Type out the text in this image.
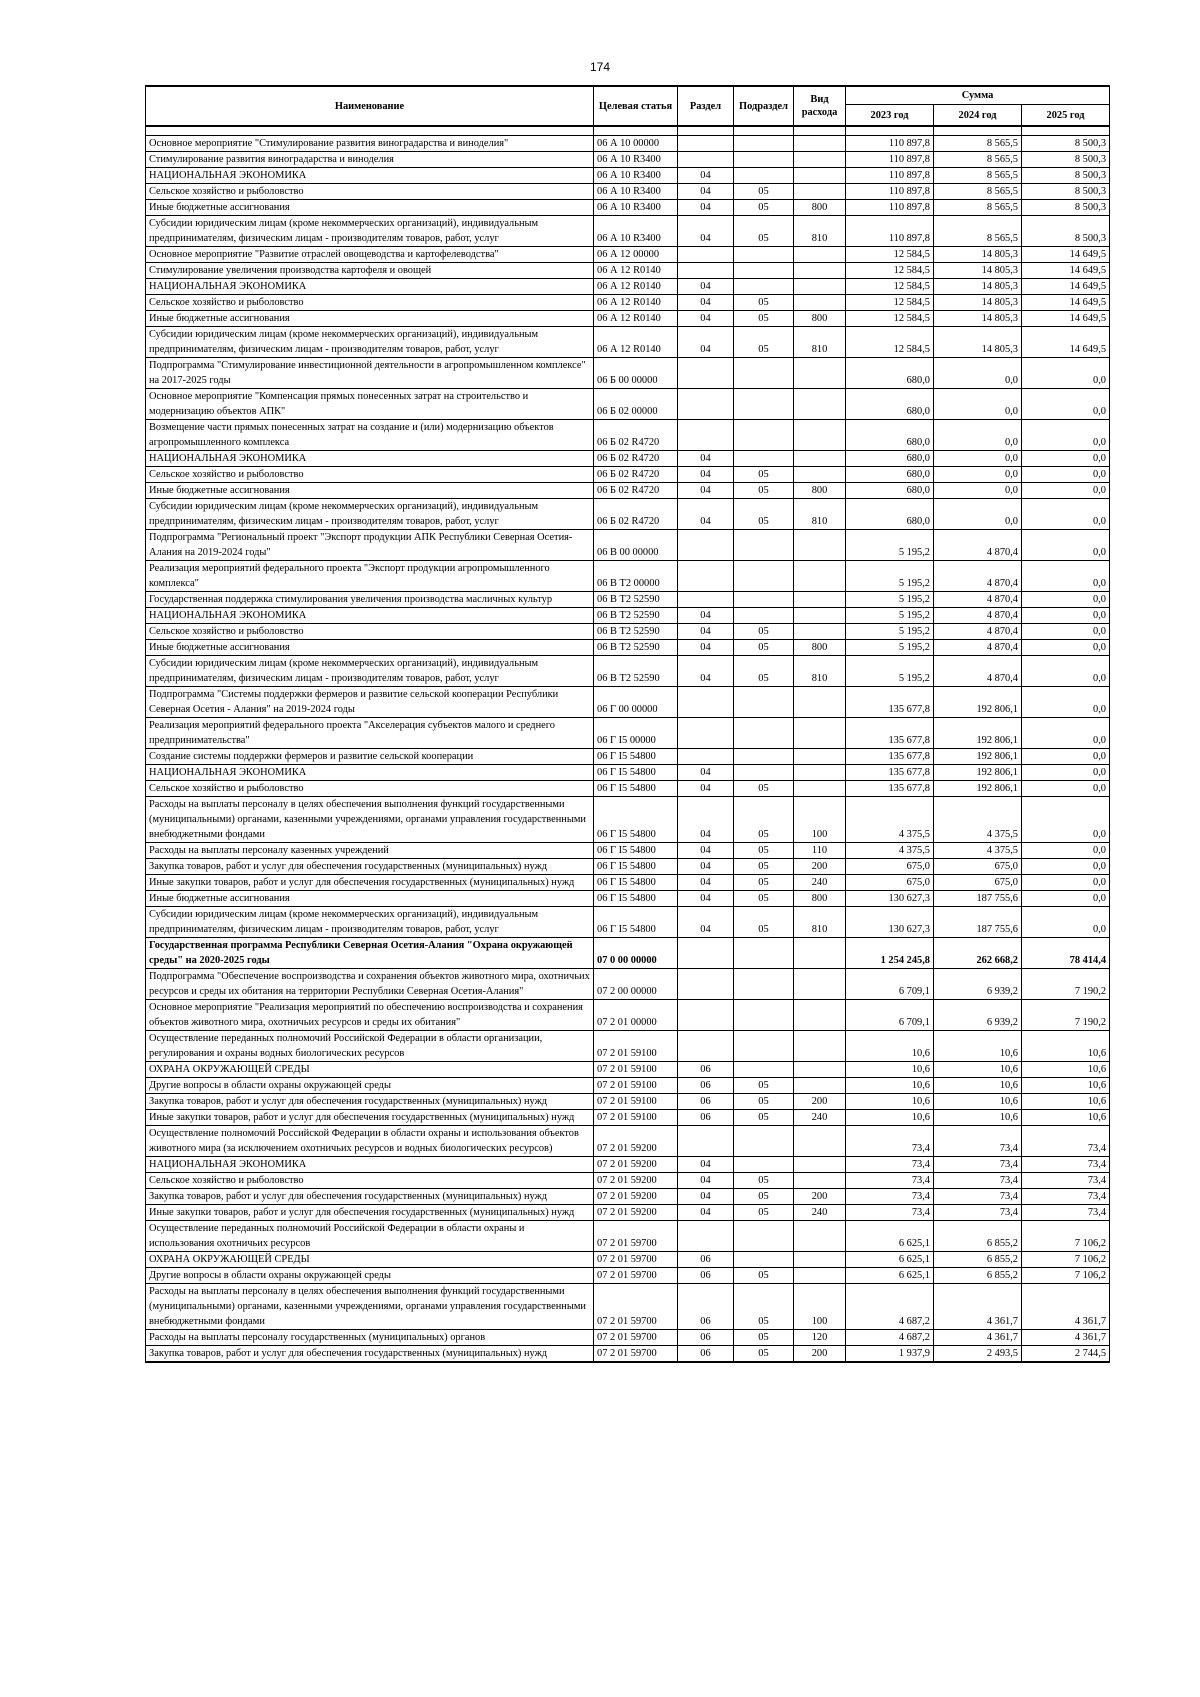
174
Наименование	Целевая статья	Раздел	Подраздел	Вид расхода	Сумма		
					2023 год	2024 год	2025 год

Основное мероприятие "Стимулирование развития виноградарства и виноделия"	06 А 10 00000				110 897,8	8 565,5	8 500,3
Стимулирование развития виноградарства и виноделия	06 А 10 R3400				110 897,8	8 565,5	8 500,3
НАЦИОНАЛЬНАЯ ЭКОНОМИКА	06 А 10 R3400	04			110 897,8	8 565,5	8 500,3
Сельское хозяйство и рыболовство	06 А 10 R3400	04	05		110 897,8	8 565,5	8 500,3
Иные бюджетные ассигнования	06 А 10 R3400	04	05	800	110 897,8	8 565,5	8 500,3
Субсидии юридическим лицам (кроме некоммерческих организаций), индивидуальным предпринимателям, физическим лицам - производителям товаров, работ, услуг	06 А 10 R3400	04	05	810	110 897,8	8 565,5	8 500,3
Основное мероприятие "Развитие отраслей овощеводства и картофелеводства"	06 А 12 00000				12 584,5	14 805,3	14 649,5
Стимулирование увеличения производства картофеля и овощей	06 А 12 R0140				12 584,5	14 805,3	14 649,5
НАЦИОНАЛЬНАЯ ЭКОНОМИКА	06 А 12 R0140	04			12 584,5	14 805,3	14 649,5
Сельское хозяйство и рыболовство	06 А 12 R0140	04	05		12 584,5	14 805,3	14 649,5
Иные бюджетные ассигнования	06 А 12 R0140	04	05	800	12 584,5	14 805,3	14 649,5
Субсидии юридическим лицам (кроме некоммерческих организаций), индивидуальным предпринимателям, физическим лицам - производителям товаров, работ, услуг	06 А 12 R0140	04	05	810	12 584,5	14 805,3	14 649,5
Подпрограмма "Стимулирование инвестиционной деятельности в агропромышленном комплексе" на 2017-2025 годы	06 Б 00 00000				680,0	0,0	0,0
Основное мероприятие "Компенсация прямых понесенных затрат на строительство и модернизацию объектов АПК"	06 Б 02 00000				680,0	0,0	0,0
Возмещение части прямых понесенных затрат на создание и (или) модернизацию объектов агропромышленного комплекса	06 Б 02 R4720				680,0	0,0	0,0
НАЦИОНАЛЬНАЯ ЭКОНОМИКА	06 Б 02 R4720	04			680,0	0,0	0,0
Сельское хозяйство и рыболовство	06 Б 02 R4720	04	05		680,0	0,0	0,0
Иные бюджетные ассигнования	06 Б 02 R4720	04	05	800	680,0	0,0	0,0
Субсидии юридическим лицам (кроме некоммерческих организаций), индивидуальным предпринимателям, физическим лицам - производителям товаров, работ, услуг	06 Б 02 R4720	04	05	810	680,0	0,0	0,0
Подпрограмма "Региональный проект "Экспорт продукции АПК Республики Северная Осетия-Алания на 2019-2024 годы"	06 В 00 00000				5 195,2	4 870,4	0,0
Реализация мероприятий федерального проекта "Экспорт продукции агропромышленного комплекса"	06 В Т2 00000				5 195,2	4 870,4	0,0
Государственная поддержка стимулирования увеличения производства масличных культур	06 В Т2 52590				5 195,2	4 870,4	0,0
НАЦИОНАЛЬНАЯ ЭКОНОМИКА	06 В Т2 52590	04			5 195,2	4 870,4	0,0
Сельское хозяйство и рыболовство	06 В Т2 52590	04	05		5 195,2	4 870,4	0,0
Иные бюджетные ассигнования	06 В Т2 52590	04	05	800	5 195,2	4 870,4	0,0
Субсидии юридическим лицам (кроме некоммерческих организаций), индивидуальным предпринимателям, физическим лицам - производителям товаров, работ, услуг	06 В Т2 52590	04	05	810	5 195,2	4 870,4	0,0
Подпрограмма "Системы поддержки фермеров и развитие сельской кооперации Республики Северная Осетия - Алания" на 2019-2024 годы	06 Г 00 00000				135 677,8	192 806,1	0,0
Реализация мероприятий федерального проекта "Акселерация субъектов малого и среднего предпринимательства"	06 Г I5 00000				135 677,8	192 806,1	0,0
Создание системы поддержки фермеров и развитие сельской кооперации	06 Г I5 54800				135 677,8	192 806,1	0,0
НАЦИОНАЛЬНАЯ ЭКОНОМИКА	06 Г I5 54800	04			135 677,8	192 806,1	0,0
Сельское хозяйство и рыболовство	06 Г I5 54800	04	05		135 677,8	192 806,1	0,0
Расходы на выплаты персоналу в целях обеспечения выполнения функций государственными (муниципальными) органами, казенными учреждениями, органами управления государственными внебюджетными фондами	06 Г I5 54800	04	05	100	4 375,5	4 375,5	0,0
Расходы на выплаты персоналу казенных учреждений	06 Г I5 54800	04	05	110	4 375,5	4 375,5	0,0
Закупка товаров, работ и услуг для обеспечения государственных (муниципальных) нужд	06 Г I5 54800	04	05	200	675,0	675,0	0,0
Иные закупки товаров, работ и услуг для обеспечения государственных (муниципальных) нужд	06 Г I5 54800	04	05	240	675,0	675,0	0,0
Иные бюджетные ассигнования	06 Г I5 54800	04	05	800	130 627,3	187 755,6	0,0
Субсидии юридическим лицам (кроме некоммерческих организаций), индивидуальным предпринимателям, физическим лицам - производителям товаров, работ, услуг	06 Г I5 54800	04	05	810	130 627,3	187 755,6	0,0
Государственная программа Республики Северная Осетия-Алания "Охрана окружающей среды" на 2020-2025 годы	07 0 00 00000				1 254 245,8	262 668,2	78 414,4
Подпрограмма "Обеспечение воспроизводства и сохранения объектов животного мира, охотничьих ресурсов и среды их обитания на территории Республики Северная Осетия-Алания"	07 2 00 00000				6 709,1	6 939,2	7 190,2
Основное мероприятие "Реализация мероприятий по обеспечению воспроизводства и сохранения объектов животного мира, охотничьих ресурсов и среды их обитания"	07 2 01 00000				6 709,1	6 939,2	7 190,2
Осуществление переданных полномочий Российской Федерации в области организации, регулирования и охраны водных биологических ресурсов	07 2 01 59100				10,6	10,6	10,6
ОХРАНА ОКРУЖАЮЩЕЙ СРЕДЫ	07 2 01 59100	06			10,6	10,6	10,6
Другие вопросы в области охраны окружающей среды	07 2 01 59100	06	05		10,6	10,6	10,6
Закупка товаров, работ и услуг для обеспечения государственных (муниципальных) нужд	07 2 01 59100	06	05	200	10,6	10,6	10,6
Иные закупки товаров, работ и услуг для обеспечения государственных (муниципальных) нужд	07 2 01 59100	06	05	240	10,6	10,6	10,6
Осуществление полномочий Российской Федерации в области охраны и использования объектов животного мира (за исключением охотничьих ресурсов и водных биологических ресурсов)	07 2 01 59200				73,4	73,4	73,4
НАЦИОНАЛЬНАЯ ЭКОНОМИКА	07 2 01 59200	04			73,4	73,4	73,4
Сельское хозяйство и рыболовство	07 2 01 59200	04	05		73,4	73,4	73,4
Закупка товаров, работ и услуг для обеспечения государственных (муниципальных) нужд	07 2 01 59200	04	05	200	73,4	73,4	73,4
Иные закупки товаров, работ и услуг для обеспечения государственных (муниципальных) нужд	07 2 01 59200	04	05	240	73,4	73,4	73,4
Осуществление переданных полномочий Российской Федерации в области охраны и использования охотничьих ресурсов	07 2 01 59700				6 625,1	6 855,2	7 106,2
ОХРАНА ОКРУЖАЮЩЕЙ СРЕДЫ	07 2 01 59700	06			6 625,1	6 855,2	7 106,2
Другие вопросы в области охраны окружающей среды	07 2 01 59700	06	05		6 625,1	6 855,2	7 106,2
Расходы на выплаты персоналу в целях обеспечения выполнения функций государственными (муниципальными) органами, казенными учреждениями, органами управления государственными внебюджетными фондами	07 2 01 59700	06	05	100	4 687,2	4 361,7	4 361,7
Расходы на выплаты персоналу государственных (муниципальных) органов	07 2 01 59700	06	05	120	4 687,2	4 361,7	4 361,7
Закупка товаров, работ и услуг для обеспечения государственных (муниципальных) нужд	07 2 01 59700	06	05	200	1 937,9	2 493,5	2 744,5
